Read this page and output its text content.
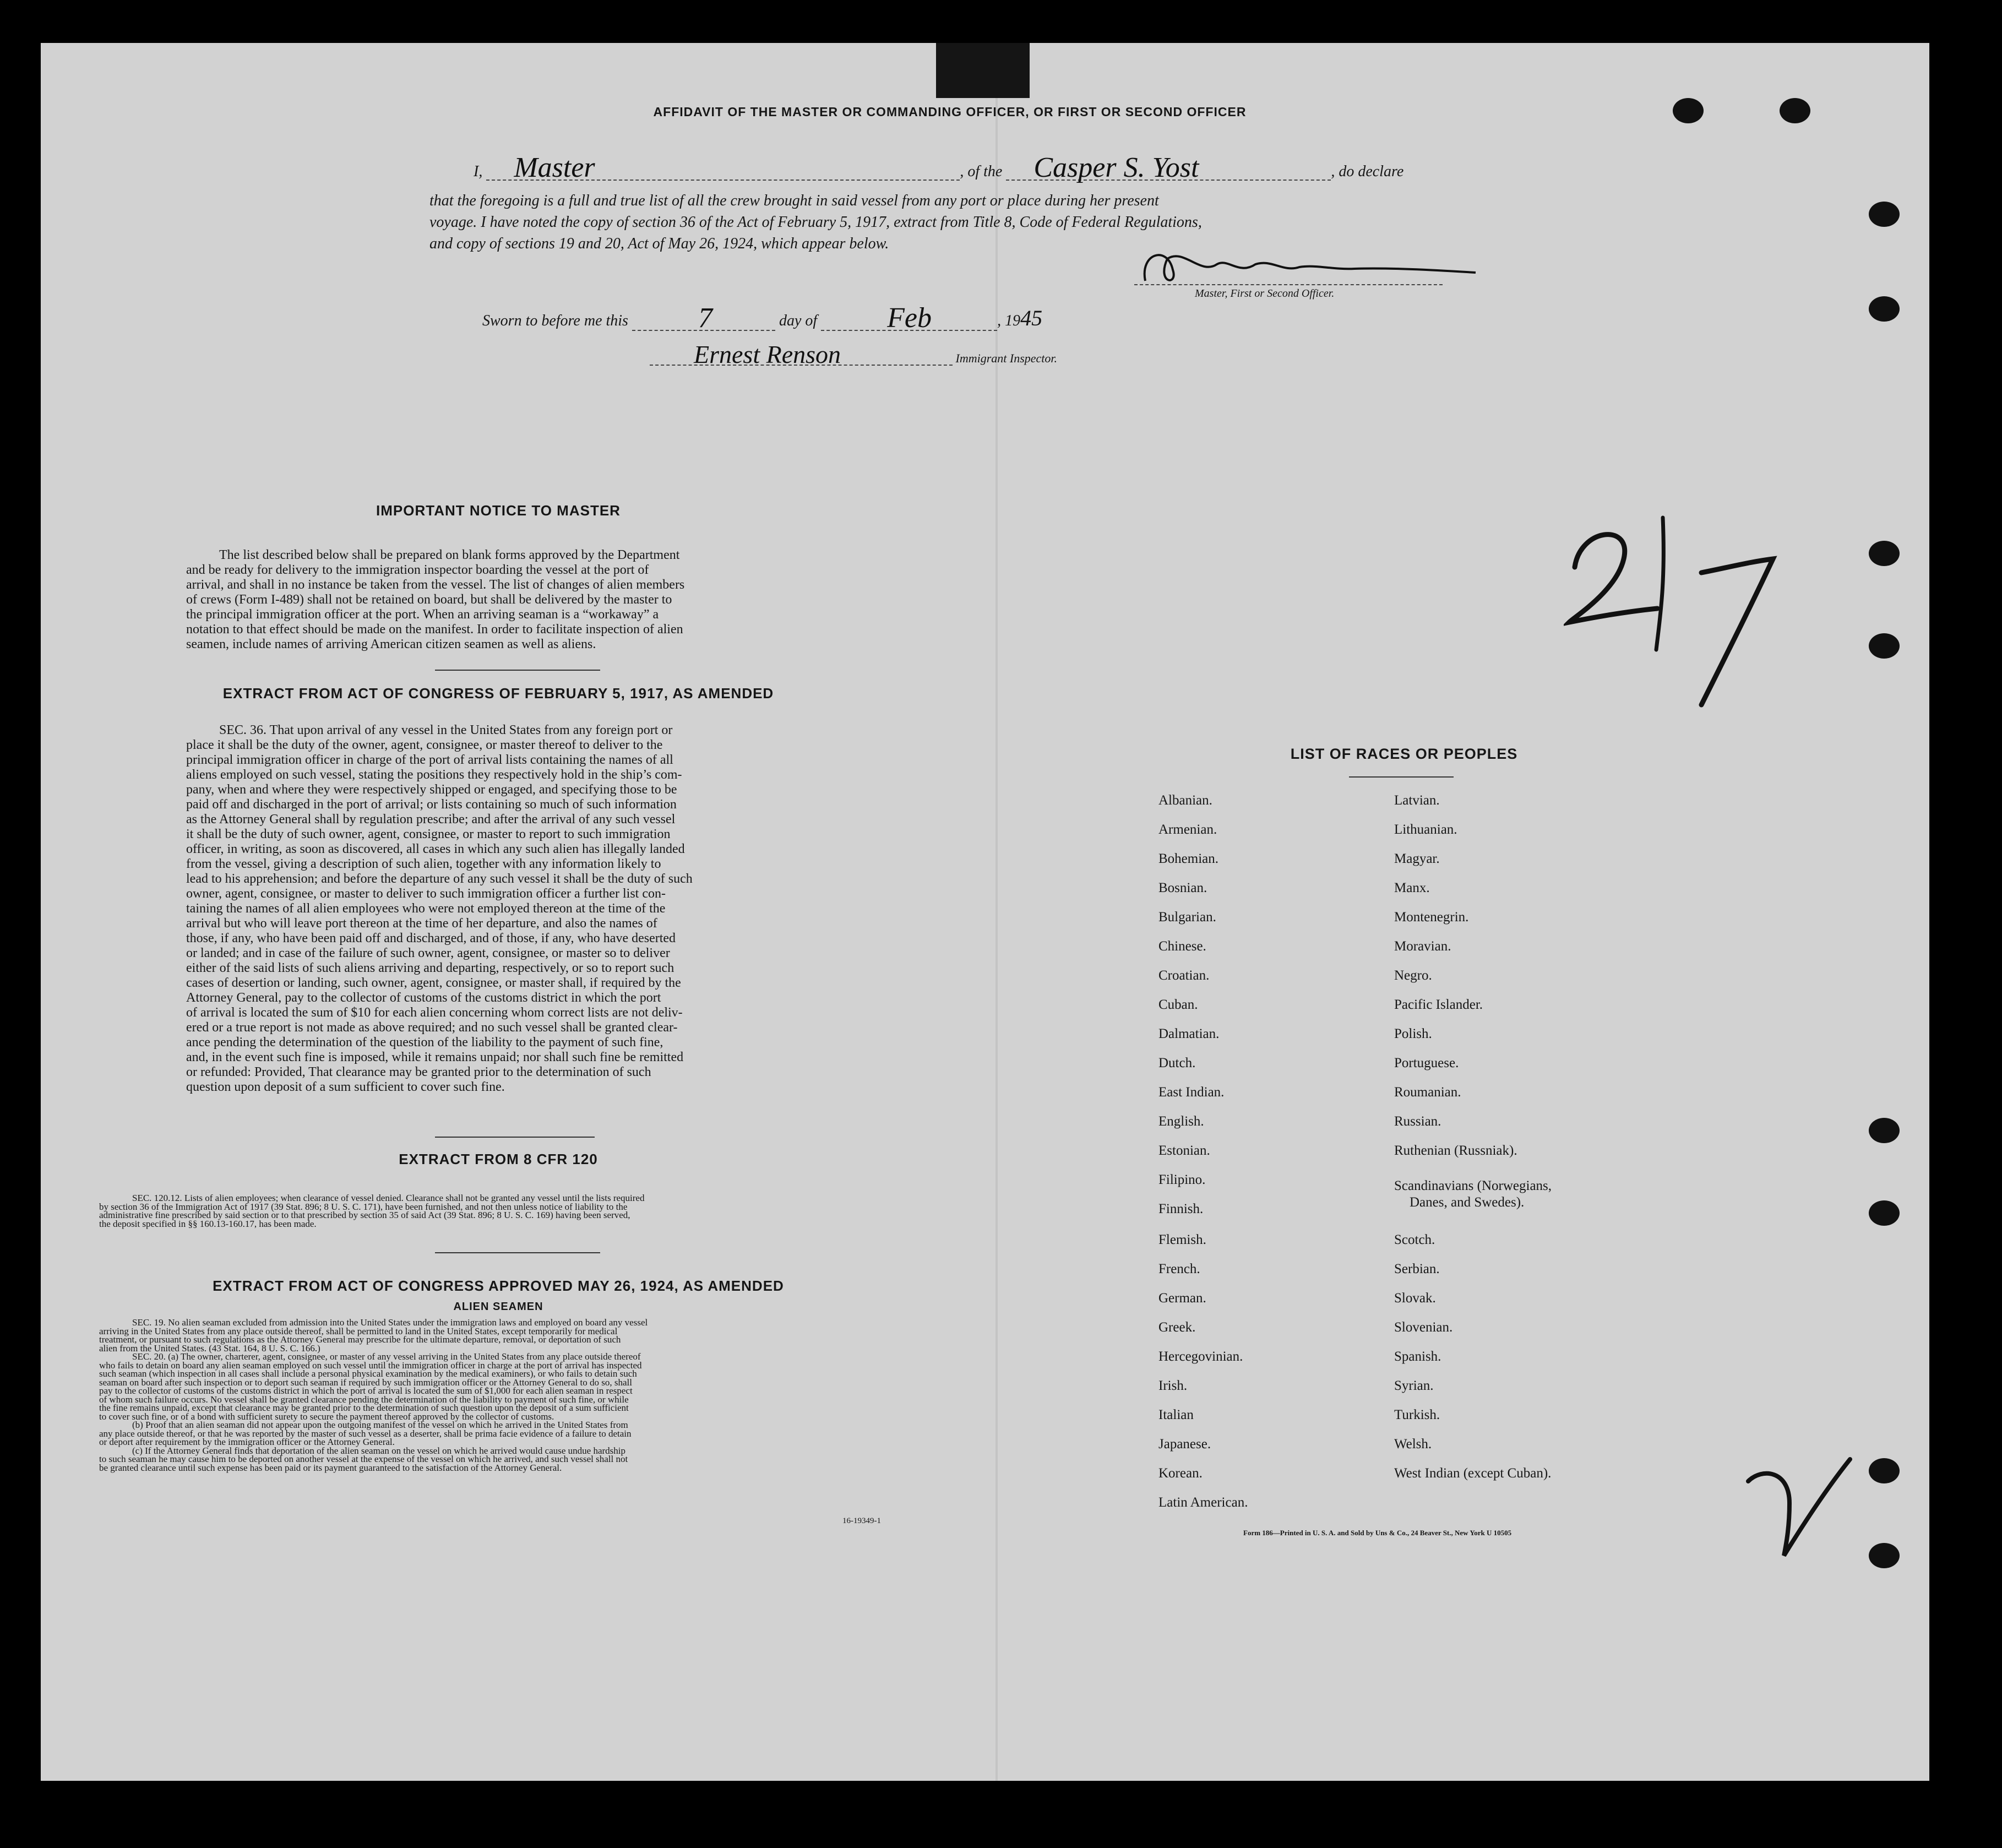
AFFIDAVIT OF THE MASTER OR COMMANDING OFFICER, OR FIRST OR SECOND OFFICER
I, Master	, of the Casper S. Yost	, do declare
that the foregoing is a full and true list of all the crew brought in said vessel from any port or place during her present
voyage. I have noted the copy of section 36 of the Act of February 5, 1917, extract from Title 8, Code of Federal Regulations,
and copy of sections 19 and 20, Act of May 26, 1924, which appear below.
Master, First or Second Officer.
Sworn to before me this 7	day of Feb	, 1945
Ernest Renson	Immigrant Inspector.
IMPORTANT NOTICE TO MASTER
The list described below shall be prepared on blank forms approved by the Department
and be ready for delivery to the immigration inspector boarding the vessel at the port of
arrival, and shall in no instance be taken from the vessel. The list of changes of alien members
of crews (Form I-489) shall not be retained on board, but shall be delivered by the master to
the principal immigration officer at the port. When an arriving seaman is a “workaway” a
notation to that effect should be made on the manifest. In order to facilitate inspection of alien
seamen, include names of arriving American citizen seamen as well as aliens.
EXTRACT FROM ACT OF CONGRESS OF FEBRUARY 5, 1917, AS AMENDED
SEC. 36. That upon arrival of any vessel in the United States from any foreign port or
place it shall be the duty of the owner, agent, consignee, or master thereof to deliver to the
principal immigration officer in charge of the port of arrival lists containing the names of all
aliens employed on such vessel, stating the positions they respectively hold in the ship’s com-
pany, when and where they were respectively shipped or engaged, and specifying those to be
paid off and discharged in the port of arrival; or lists containing so much of such information
as the Attorney General shall by regulation prescribe; and after the arrival of any such vessel
it shall be the duty of such owner, agent, consignee, or master to report to such immigration
officer, in writing, as soon as discovered, all cases in which any such alien has illegally landed
from the vessel, giving a description of such alien, together with any information likely to
lead to his apprehension; and before the departure of any such vessel it shall be the duty of such
owner, agent, consignee, or master to deliver to such immigration officer a further list con-
taining the names of all alien employees who were not employed thereon at the time of the
arrival but who will leave port thereon at the time of her departure, and also the names of
those, if any, who have been paid off and discharged, and of those, if any, who have deserted
or landed; and in case of the failure of such owner, agent, consignee, or master so to deliver
either of the said lists of such aliens arriving and departing, respectively, or so to report such
cases of desertion or landing, such owner, agent, consignee, or master shall, if required by the
Attorney General, pay to the collector of customs of the customs district in which the port
of arrival is located the sum of $10 for each alien concerning whom correct lists are not deliv-
ered or a true report is not made as above required; and no such vessel shall be granted clear-
ance pending the determination of the question of the liability to the payment of such fine,
and, in the event such fine is imposed, while it remains unpaid; nor shall such fine be remitted
or refunded: Provided, That clearance may be granted prior to the determination of such
question upon deposit of a sum sufficient to cover such fine.
EXTRACT FROM 8 CFR 120
SEC. 120.12. Lists of alien employees; when clearance of vessel denied. Clearance shall not be granted any vessel until the lists required
by section 36 of the Immigration Act of 1917 (39 Stat. 896; 8 U. S. C. 171), have been furnished, and not then unless notice of liability to the
administrative fine prescribed by said section or to that prescribed by section 35 of said Act (39 Stat. 896; 8 U. S. C. 169) having been served,
the deposit specified in §§ 160.13-160.17, has been made.
EXTRACT FROM ACT OF CONGRESS APPROVED MAY 26, 1924, AS AMENDED
ALIEN SEAMEN
SEC. 19. No alien seaman excluded from admission into the United States under the immigration laws and employed on board any vessel
arriving in the United States from any place outside thereof, shall be permitted to land in the United States, except temporarily for medical
treatment, or pursuant to such regulations as the Attorney General may prescribe for the ultimate departure, removal, or deportation of such
alien from the United States. (43 Stat. 164, 8 U. S. C. 166.)
SEC. 20. (a) The owner, charterer, agent, consignee, or master of any vessel arriving in the United States from any place outside thereof
who fails to detain on board any alien seaman employed on such vessel until the immigration officer in charge at the port of arrival has inspected
such seaman (which inspection in all cases shall include a personal physical examination by the medical examiners), or who fails to detain such
seaman on board after such inspection or to deport such seaman if required by such immigration officer or the Attorney General to do so, shall
pay to the collector of customs of the customs district in which the port of arrival is located the sum of $1,000 for each alien seaman in respect
of whom such failure occurs. No vessel shall be granted clearance pending the determination of the liability to payment of such fine, or while
the fine remains unpaid, except that clearance may be granted prior to the determination of such question upon the deposit of a sum sufficient
to cover such fine, or of a bond with sufficient surety to secure the payment thereof approved by the collector of customs.
(b) Proof that an alien seaman did not appear upon the outgoing manifest of the vessel on which he arrived in the United States from
any place outside thereof, or that he was reported by the master of such vessel as a deserter, shall be prima facie evidence of a failure to detain
or deport after requirement by the immigration officer or the Attorney General.
(c) If the Attorney General finds that deportation of the alien seaman on the vessel on which he arrived would cause undue hardship
to such seaman he may cause him to be deported on another vessel at the expense of the vessel on which he arrived, and such vessel shall not
be granted clearance until such expense has been paid or its payment guaranteed to the satisfaction of the Attorney General.
16-19349-1
LIST OF RACES OR PEOPLES
Albanian.
Armenian.
Bohemian.
Bosnian.
Bulgarian.
Chinese.
Croatian.
Cuban.
Dalmatian.
Dutch.
East Indian.
English.
Estonian.
Filipino.
Finnish.
Flemish.
French.
German.
Greek.
Hercegovinian.
Irish.
Italian
Japanese.
Korean.
Latin American.
Latvian.
Lithuanian.
Magyar.
Manx.
Montenegrin.
Moravian.
Negro.
Pacific Islander.
Polish.
Portuguese.
Roumanian.
Russian.
Ruthenian (Russniak).
Scandinavians (Norwegians,
Danes, and Swedes).
Scotch.
Serbian.
Slovak.
Slovenian.
Spanish.
Syrian.
Turkish.
Welsh.
West Indian (except Cuban).
Form 186—Printed in U. S. A. and Sold by Uns & Co., 24 Beaver St., New York U 10505
